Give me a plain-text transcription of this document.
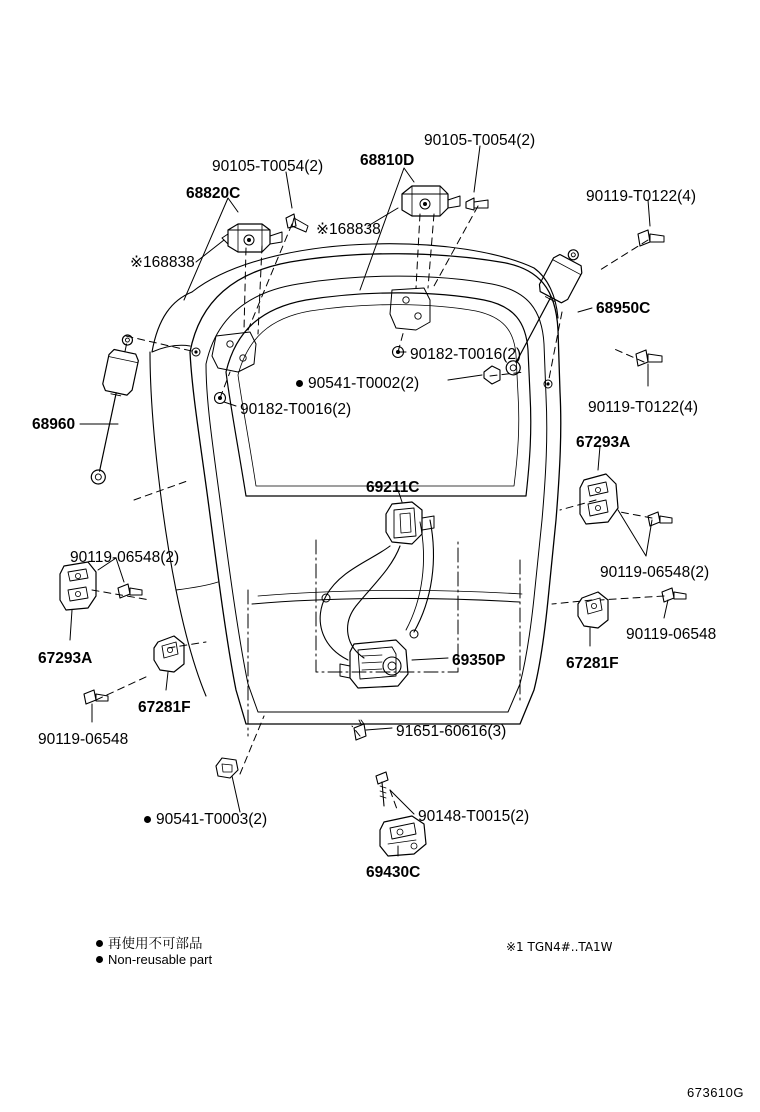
90105-T0054(2)
68810D
90105-T0054(2)
68820C	90119-T0122(4)
※168838
※168838
68950C
90182-T0016(2)
90541-T0002(2)
90182-T0016(2)
68960
90119-T0122(4)
67293A
69211C
90119-06548(2)
90119-06548(2)
90119-06548
67293A	69350P	67281F
67281F
90119-06548	91651-60616(3)
90148-T0015(2)
90541-T0003(2)
69430C
再使用不可部品
Non-reusable part
※1 TGN4#..TA1W
673610G
